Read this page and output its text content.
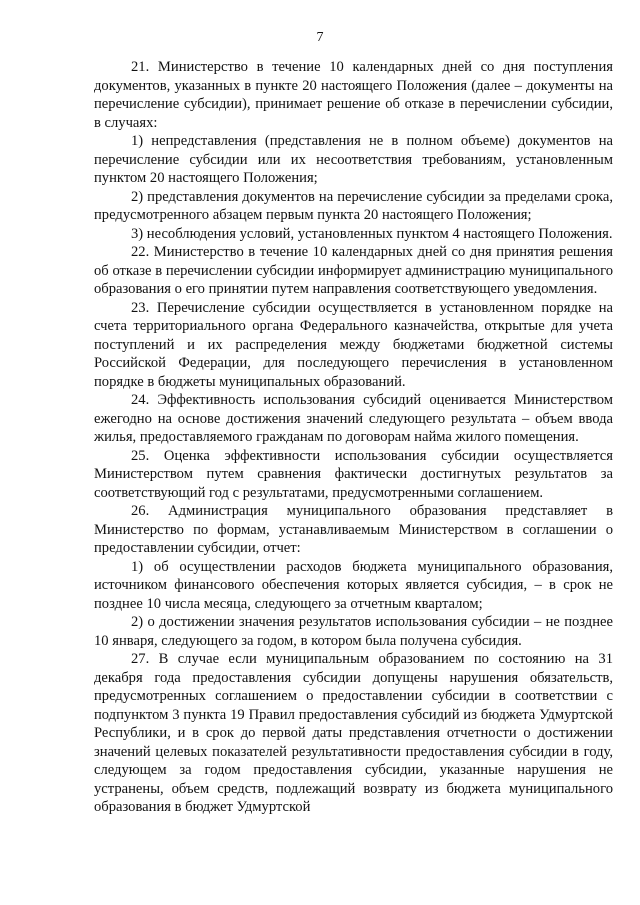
7

21. Министерство в течение 10 календарных дней со дня поступления документов, указанных в пункте 20 настоящего Положения (далее – документы на перечисление субсидии), принимает решение об отказе в перечислении субсидии, в случаях:

1) непредставления (представления не в полном объеме) документов на перечисление субсидии или их несоответствия требованиям, установленным пунктом 20 настоящего Положения;

2) представления документов на перечисление субсидии за пределами срока, предусмотренного абзацем первым пункта 20 настоящего Положения;

3) несоблюдения условий, установленных пунктом 4 настоящего Положения.

22. Министерство в течение 10 календарных дней со дня принятия решения об отказе в перечислении субсидии информирует администрацию муниципального образования о его принятии путем направления соответствующего уведомления.

23. Перечисление субсидии осуществляется в установленном порядке на счета территориального органа Федерального казначейства, открытые для учета поступлений и их распределения между бюджетами бюджетной системы Российской Федерации, для последующего перечисления в установленном порядке в бюджеты муниципальных образований.

24. Эффективность использования субсидий оценивается Министерством ежегодно на основе достижения значений следующего результата – объем ввода жилья, предоставляемого гражданам по договорам найма жилого помещения.

25. Оценка эффективности использования субсидии осуществляется Министерством путем сравнения фактически достигнутых результатов за соответствующий год с результатами, предусмотренными соглашением.

26. Администрация муниципального образования представляет в Министерство по формам, устанавливаемым Министерством в соглашении о предоставлении субсидии, отчет:

1) об осуществлении расходов бюджета муниципального образования, источником финансового обеспечения которых является субсидия, – в срок не позднее 10 числа месяца, следующего за отчетным кварталом;

2) о достижении значения результатов использования субсидии – не позднее 10 января, следующего за годом, в котором была получена субсидия.

27. В случае если муниципальным образованием по состоянию на 31 декабря года предоставления субсидии допущены нарушения обязательств, предусмотренных соглашением о предоставлении субсидии в соответствии с подпунктом 3 пункта 19 Правил предоставления субсидий из бюджета Удмуртской Республики, и в срок до первой даты представления отчетности о достижении значений целевых показателей результативности предоставления субсидии в году, следующем за годом предоставления субсидии, указанные нарушения не устранены, объем средств, подлежащий возврату из бюджета муниципального образования в бюджет Удмуртской
